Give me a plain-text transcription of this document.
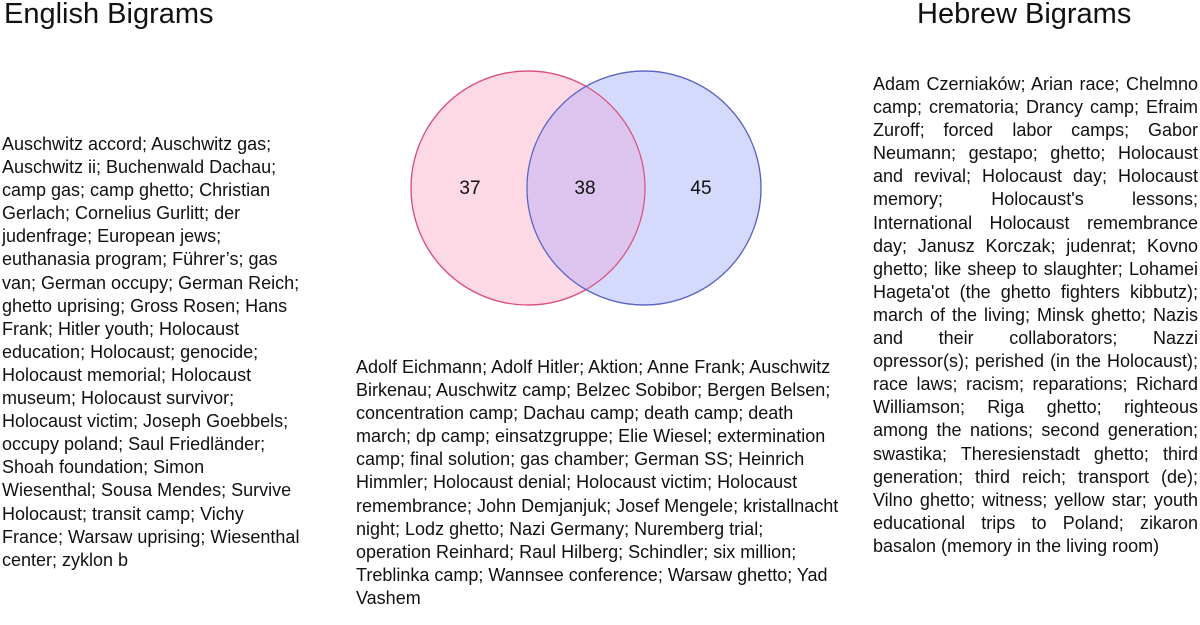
English Bigrams	Hebrew Bigrams
37	38	45

Auschwitz accord; Auschwitz gas; Auschwitz ii; Buchenwald Dachau; camp gas; camp ghetto; Christian Gerlach; Cornelius Gurlitt; der judenfrage; European jews; euthanasia program; Führer’s; gas van; German occupy; German Reich; ghetto uprising; Gross Rosen; Hans Frank; Hitler youth; Holocaust education; Holocaust; genocide; Holocaust memorial; Holocaust museum; Holocaust survivor; Holocaust victim; Joseph Goebbels; occupy poland; Saul Friedländer; Shoah foundation; Simon Wiesenthal; Sousa Mendes; Survive Holocaust; transit camp; Vichy France; Warsaw uprising; Wiesenthal center; zyklon b

Adolf Eichmann; Adolf Hitler; Aktion; Anne Frank; Auschwitz Birkenau; Auschwitz camp; Belzec Sobibor; Bergen Belsen; concentration camp; Dachau camp; death camp; death march; dp camp; einsatzgruppe; Elie Wiesel; extermination camp; final solution; gas chamber; German SS; Heinrich Himmler; Holocaust denial; Holocaust victim; Holocaust remembrance; John Demjanjuk; Josef Mengele; kristallnacht night; Lodz ghetto; Nazi Germany; Nuremberg trial; operation Reinhard; Raul Hilberg; Schindler; six million; Treblinka camp; Wannsee conference; Warsaw ghetto; Yad Vashem

Adam Czerniaków; Arian race; Chelmno camp; crematoria; Drancy camp; Efraim Zuroff; forced labor camps; Gabor Neumann; gestapo; ghetto; Holocaust and revival; Holocaust day; Holocaust memory; Holocaust's lessons; International Holocaust remembrance day; Janusz Korczak; judenrat; Kovno ghetto; like sheep to slaughter; Lohamei Hageta'ot (the ghetto fighters kibbutz); march of the living; Minsk ghetto; Nazis and their collaborators; Nazzi opressor(s); perished (in the Holocaust); race laws; racism; reparations; Richard Williamson; Riga ghetto; righteous among the nations; second generation; swastika; Theresienstadt ghetto; third generation; third reich; transport (de); Vilno ghetto; witness; yellow star; youth educational trips to Poland; zikaron basalon (memory in the living room)
